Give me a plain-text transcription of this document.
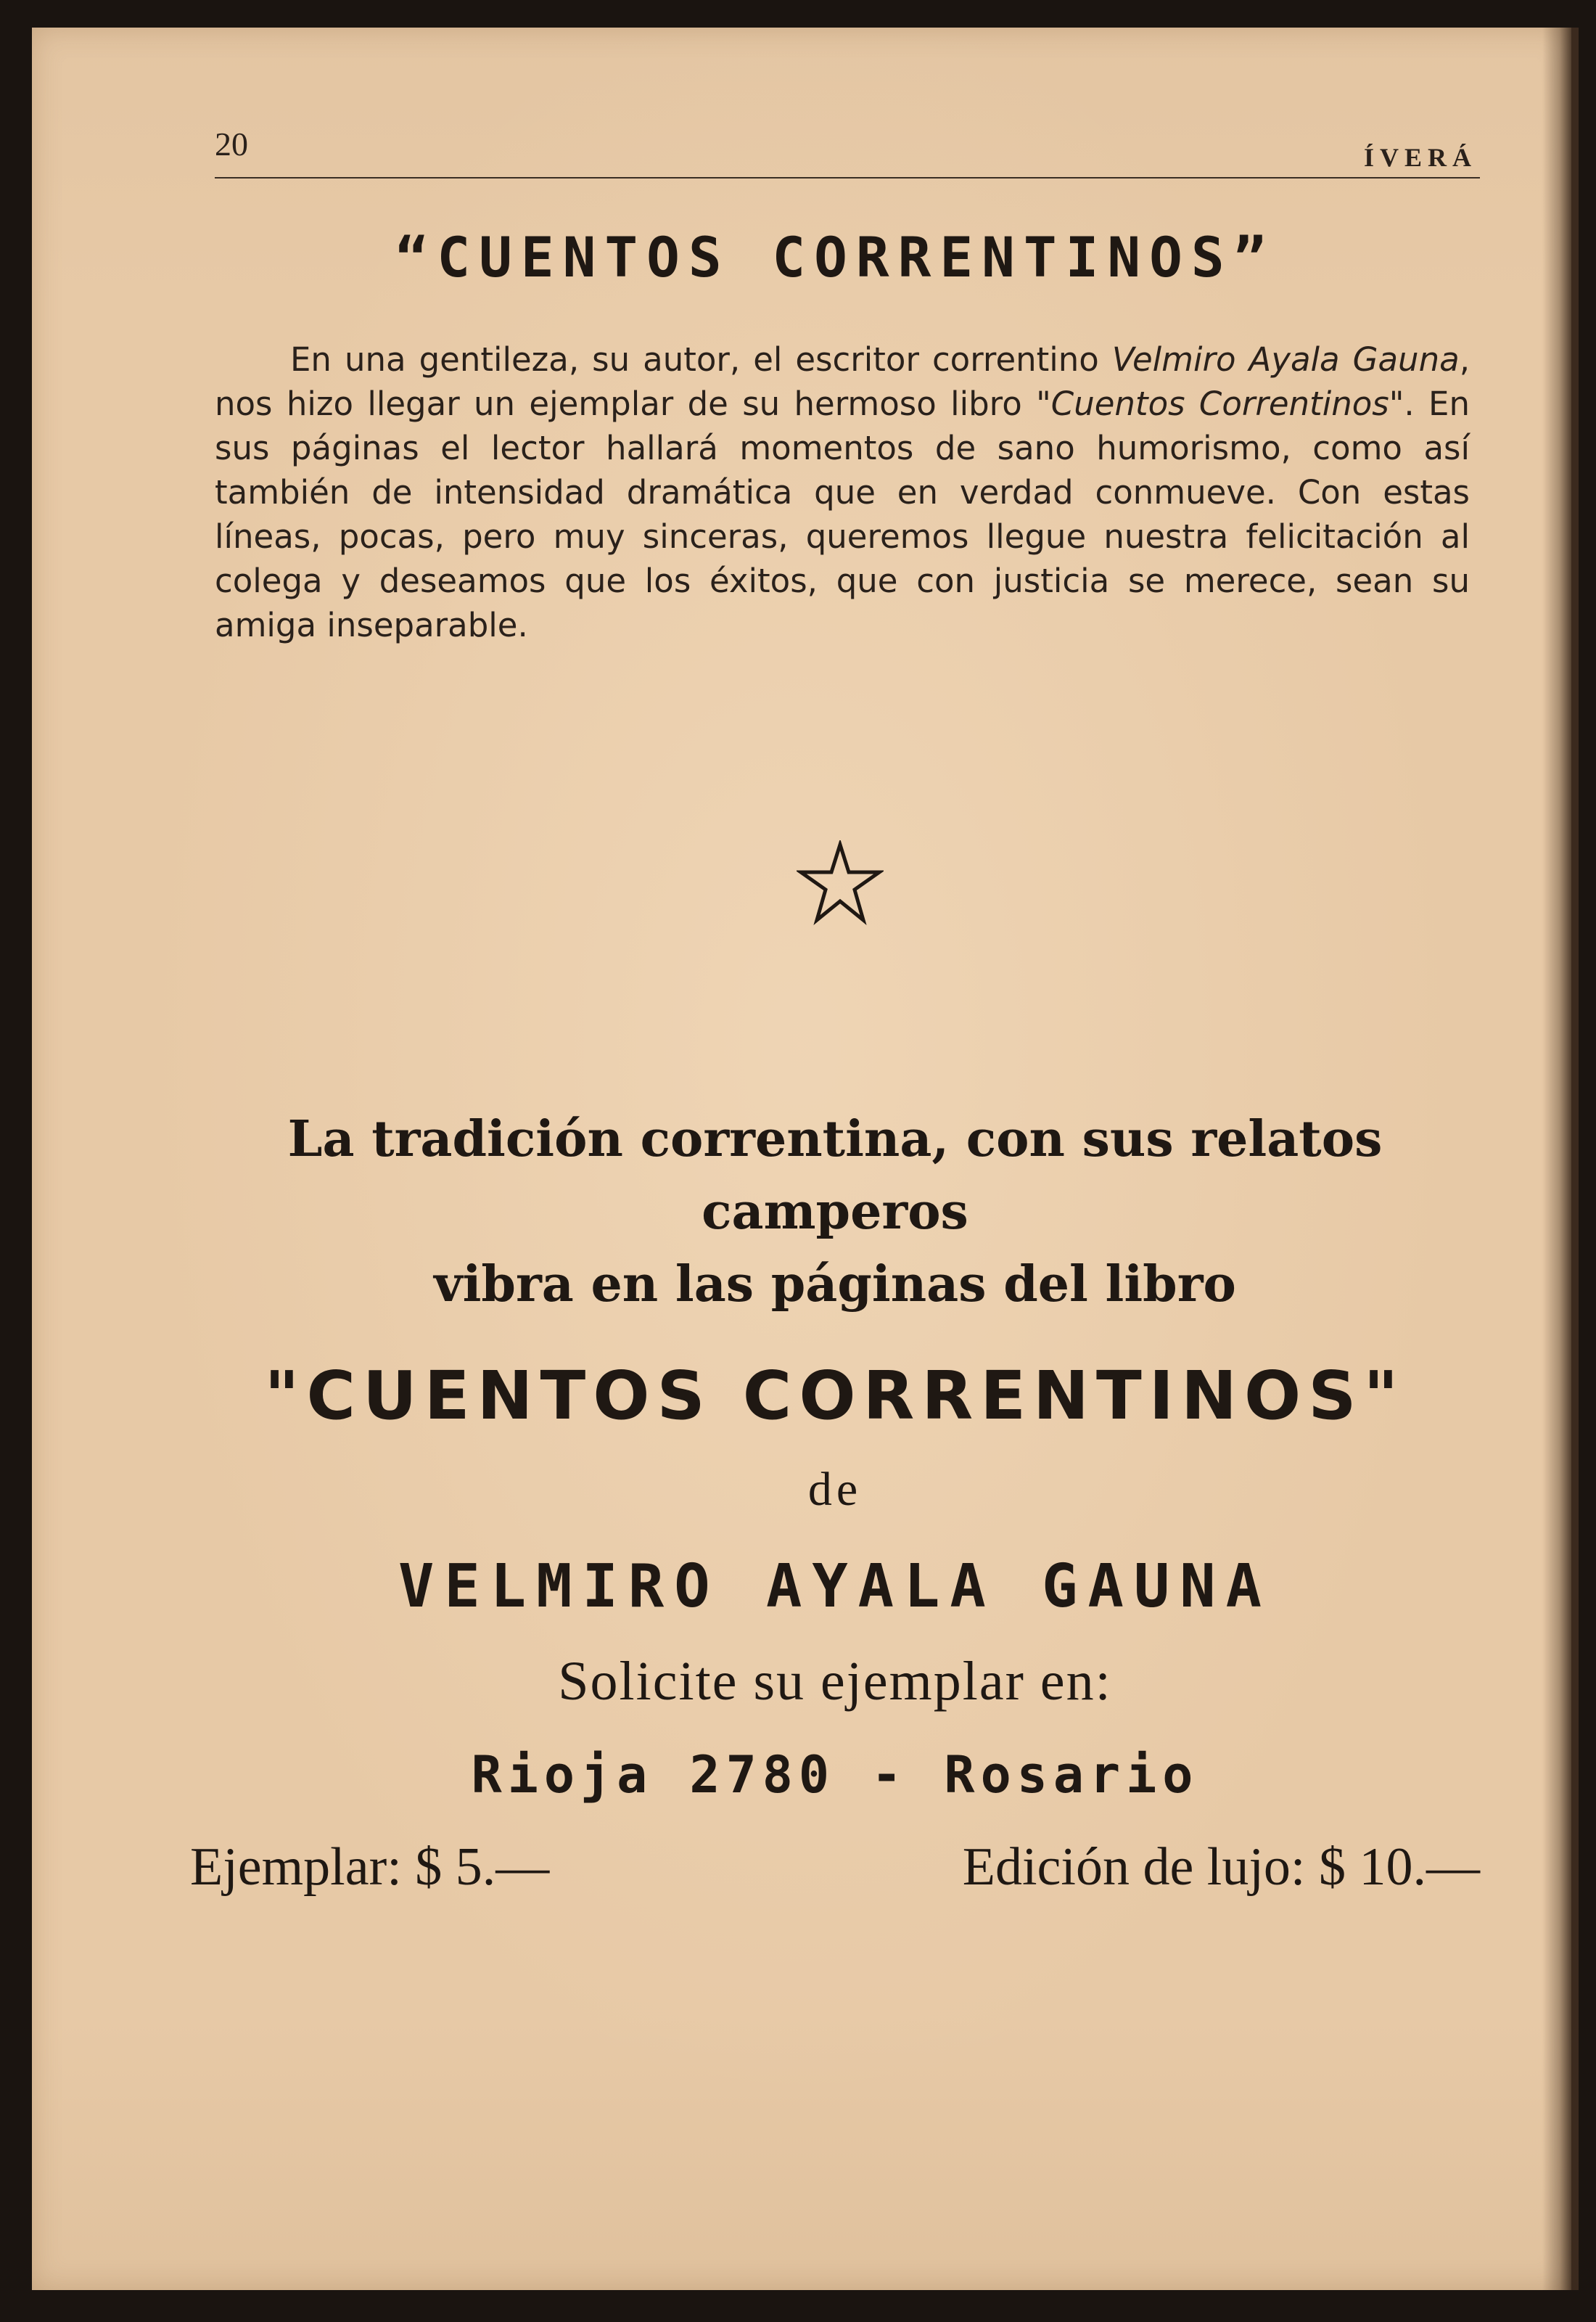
20	ÍVERÁ
“CUENTOS CORRENTINOS”

En una gentileza, su autor, el escritor correntino Velmiro Ayala Gauna, nos hizo llegar un ejemplar de su hermoso libro "Cuentos Correntinos". En sus páginas el lector hallará momentos de sano humorismo, como así también de intensidad dramática que en verdad conmueve. Con estas líneas, pocas, pero muy sinceras, queremos llegue nuestra felicitación al colega y deseamos que los éxitos, que con justicia se merece, sean su amiga inseparable.

La tradición correntina, con sus relatos camperos
vibra en las páginas del libro
"CUENTOS CORRENTINOS"
de
VELMIRO AYALA GAUNA
Solicite su ejemplar en:
Rioja 2780 - Rosario
Ejemplar: $ 5.—	Edición de lujo: $ 10.—
